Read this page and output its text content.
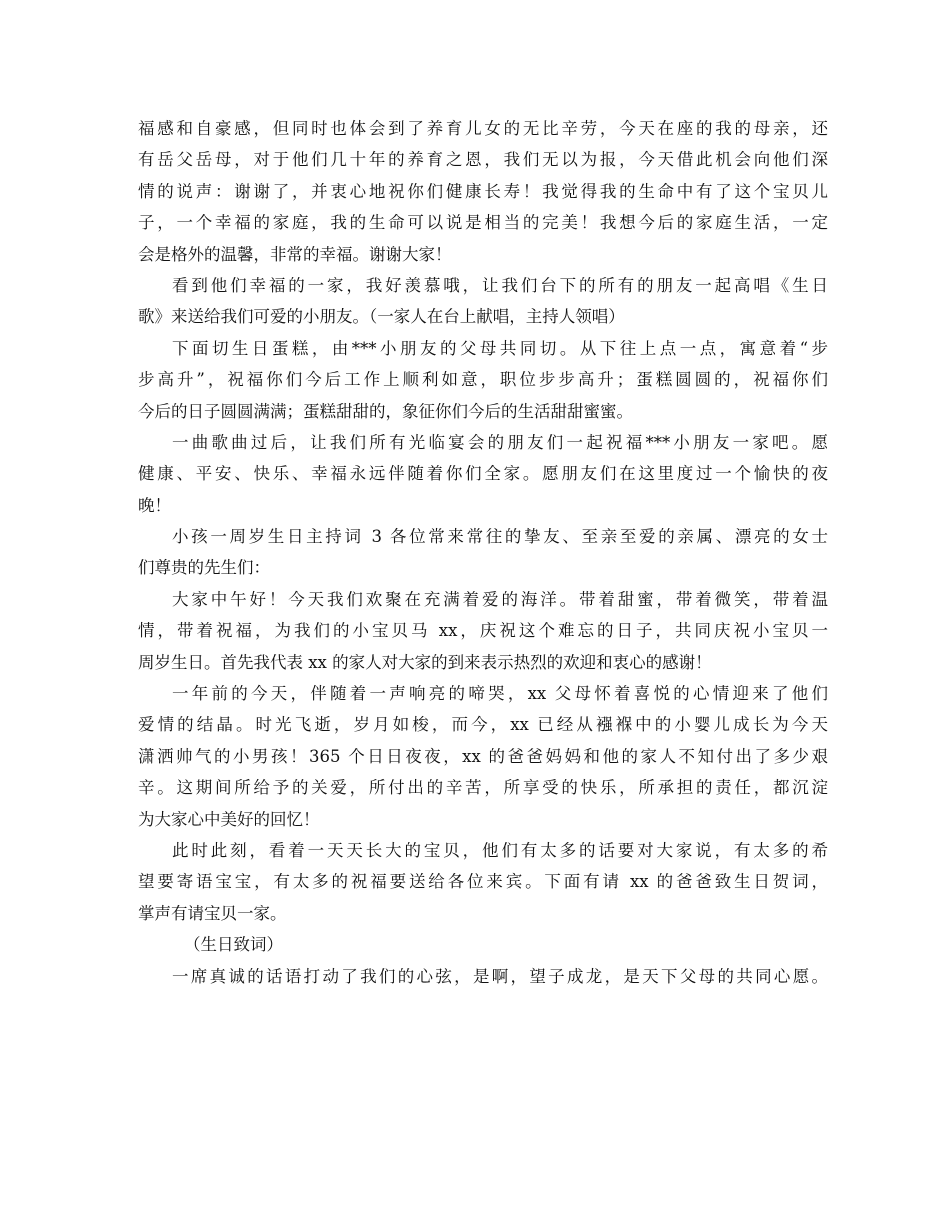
福感和自豪感，但同时也体会到了养育儿女的无比辛劳，今天在座的我的母亲，还
有岳父岳母，对于他们几十年的养育之恩，我们无以为报，今天借此机会向他们深
情的说声：谢谢了，并衷心地祝你们健康长寿！我觉得我的生命中有了这个宝贝儿
子，一个幸福的家庭，我的生命可以说是相当的完美！我想今后的家庭生活，一定
会是格外的温馨，非常的幸福。谢谢大家！
看到他们幸福的一家，我好羡慕哦，让我们台下的所有的朋友一起高唱《生日
歌》来送给我们可爱的小朋友。（一家人在台上献唱，主持人领唱）
下面切生日蛋糕，由***小朋友的父母共同切。从下往上点一点，寓意着“步
步高升”，祝福你们今后工作上顺利如意，职位步步高升；蛋糕圆圆的，祝福你们
今后的日子圆圆满满；蛋糕甜甜的，象征你们今后的生活甜甜蜜蜜。
一曲歌曲过后，让我们所有光临宴会的朋友们一起祝福***小朋友一家吧。愿
健康、平安、快乐、幸福永远伴随着你们全家。愿朋友们在这里度过一个愉快的夜
晚！
小孩一周岁生日主持词 3 各位常来常往的挚友、至亲至爱的亲属、漂亮的女士
们尊贵的先生们：
大家中午好！今天我们欢聚在充满着爱的海洋。带着甜蜜，带着微笑，带着温
情，带着祝福，为我们的小宝贝马 xx，庆祝这个难忘的日子，共同庆祝小宝贝一
周岁生日。首先我代表 xx 的家人对大家的到来表示热烈的欢迎和衷心的感谢！
一年前的今天，伴随着一声响亮的啼哭，xx 父母怀着喜悦的心情迎来了他们
爱情的结晶。时光飞逝，岁月如梭，而今，xx 已经从襁褓中的小婴儿成长为今天
潇洒帅气的小男孩！365 个日日夜夜，xx 的爸爸妈妈和他的家人不知付出了多少艰
辛。这期间所给予的关爱，所付出的辛苦，所享受的快乐，所承担的责任，都沉淀
为大家心中美好的回忆！
此时此刻，看着一天天长大的宝贝，他们有太多的话要对大家说，有太多的希
望要寄语宝宝，有太多的祝福要送给各位来宾。下面有请 xx 的爸爸致生日贺词，
掌声有请宝贝一家。
（生日致词）
一席真诚的话语打动了我们的心弦，是啊，望子成龙，是天下父母的共同心愿。
